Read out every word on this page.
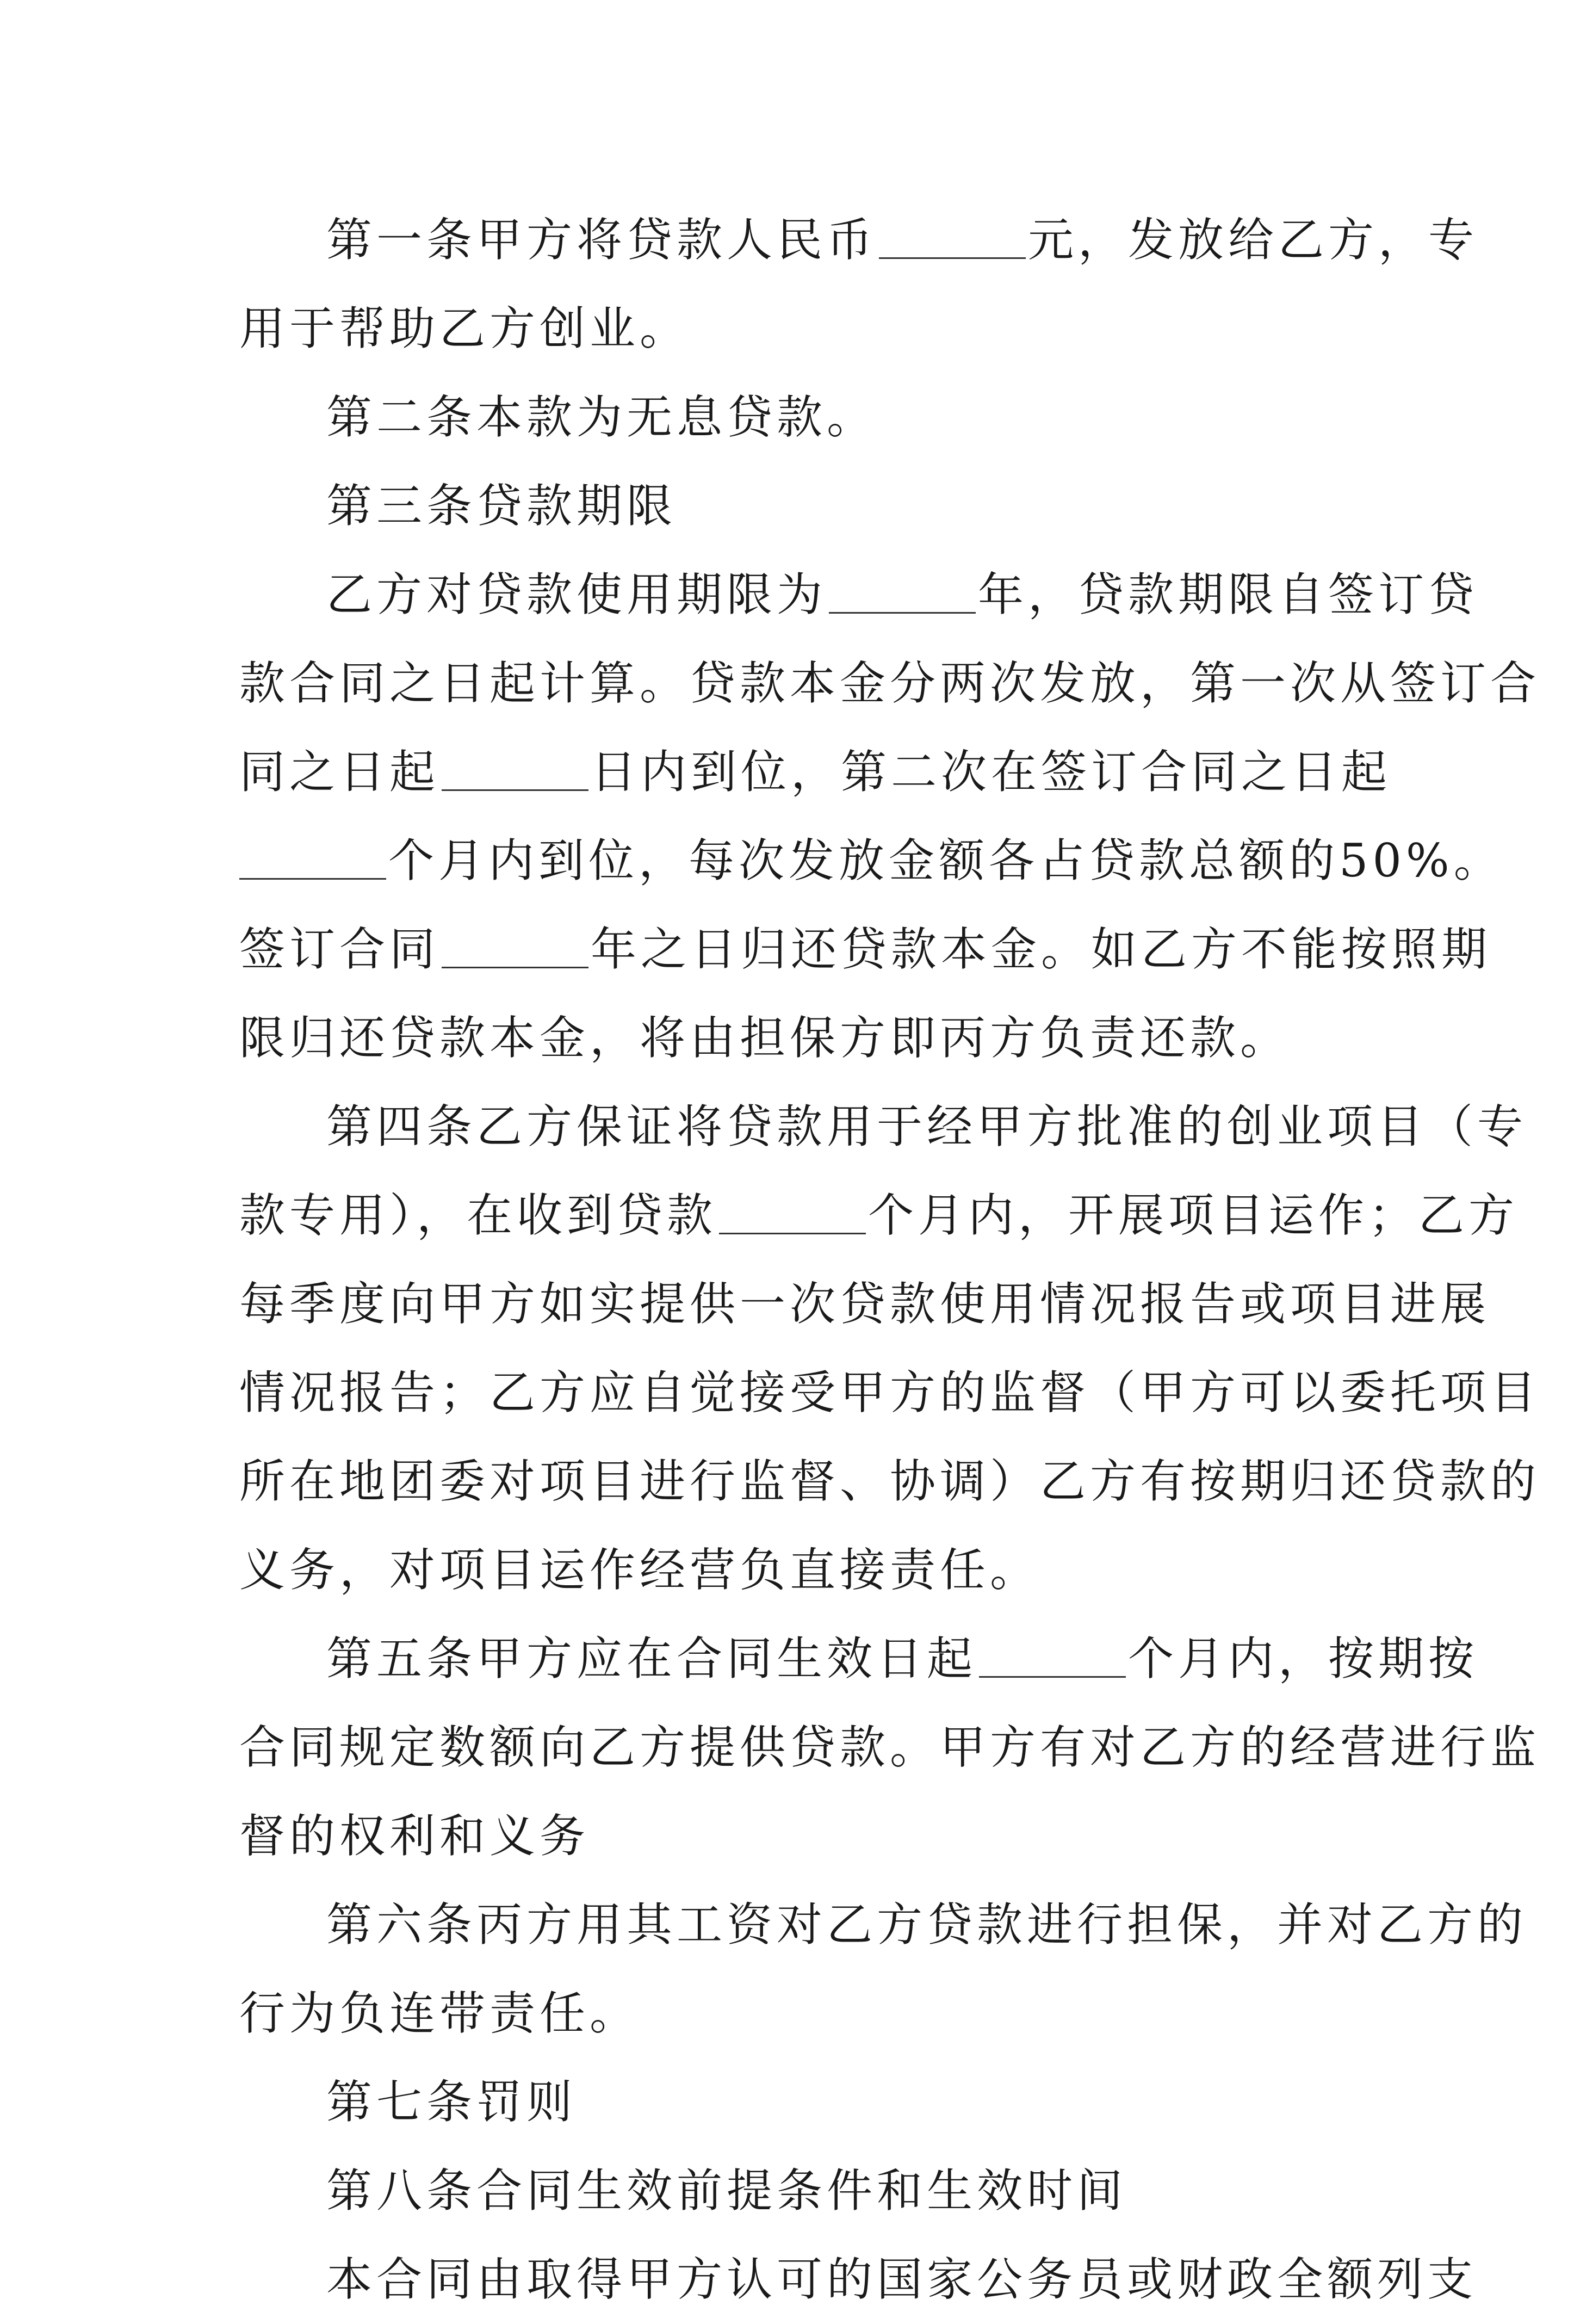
第一条甲方将贷款人民币	元，发放给乙方，专
用于帮助乙方创业。
第二条本款为无息贷款。
第三条贷款期限
乙方对贷款使用期限为	年，贷款期限自签订贷
款合同之日起计算。贷款本金分两次发放，第一次从签订合
同之日起	日内到位，第二次在签订合同之日起
个月内到位，每次发放金额各占贷款总额的50%。
签订合同	年之日归还贷款本金。如乙方不能按照期
限归还贷款本金，将由担保方即丙方负责还款。
第四条乙方保证将贷款用于经甲方批准的创业项目（专
款专用），在收到贷款	个月内，开展项目运作；乙方
每季度向甲方如实提供一次贷款使用情况报告或项目进展
情况报告；乙方应自觉接受甲方的监督（甲方可以委托项目
所在地团委对项目进行监督、协调）乙方有按期归还贷款的
义务，对项目运作经营负直接责任。
第五条甲方应在合同生效日起	个月内，按期按
合同规定数额向乙方提供贷款。甲方有对乙方的经营进行监
督的权利和义务
第六条丙方用其工资对乙方贷款进行担保，并对乙方的
行为负连带责任。
第七条罚则
第八条合同生效前提条件和生效时间
本合同由取得甲方认可的国家公务员或财政全额列支
